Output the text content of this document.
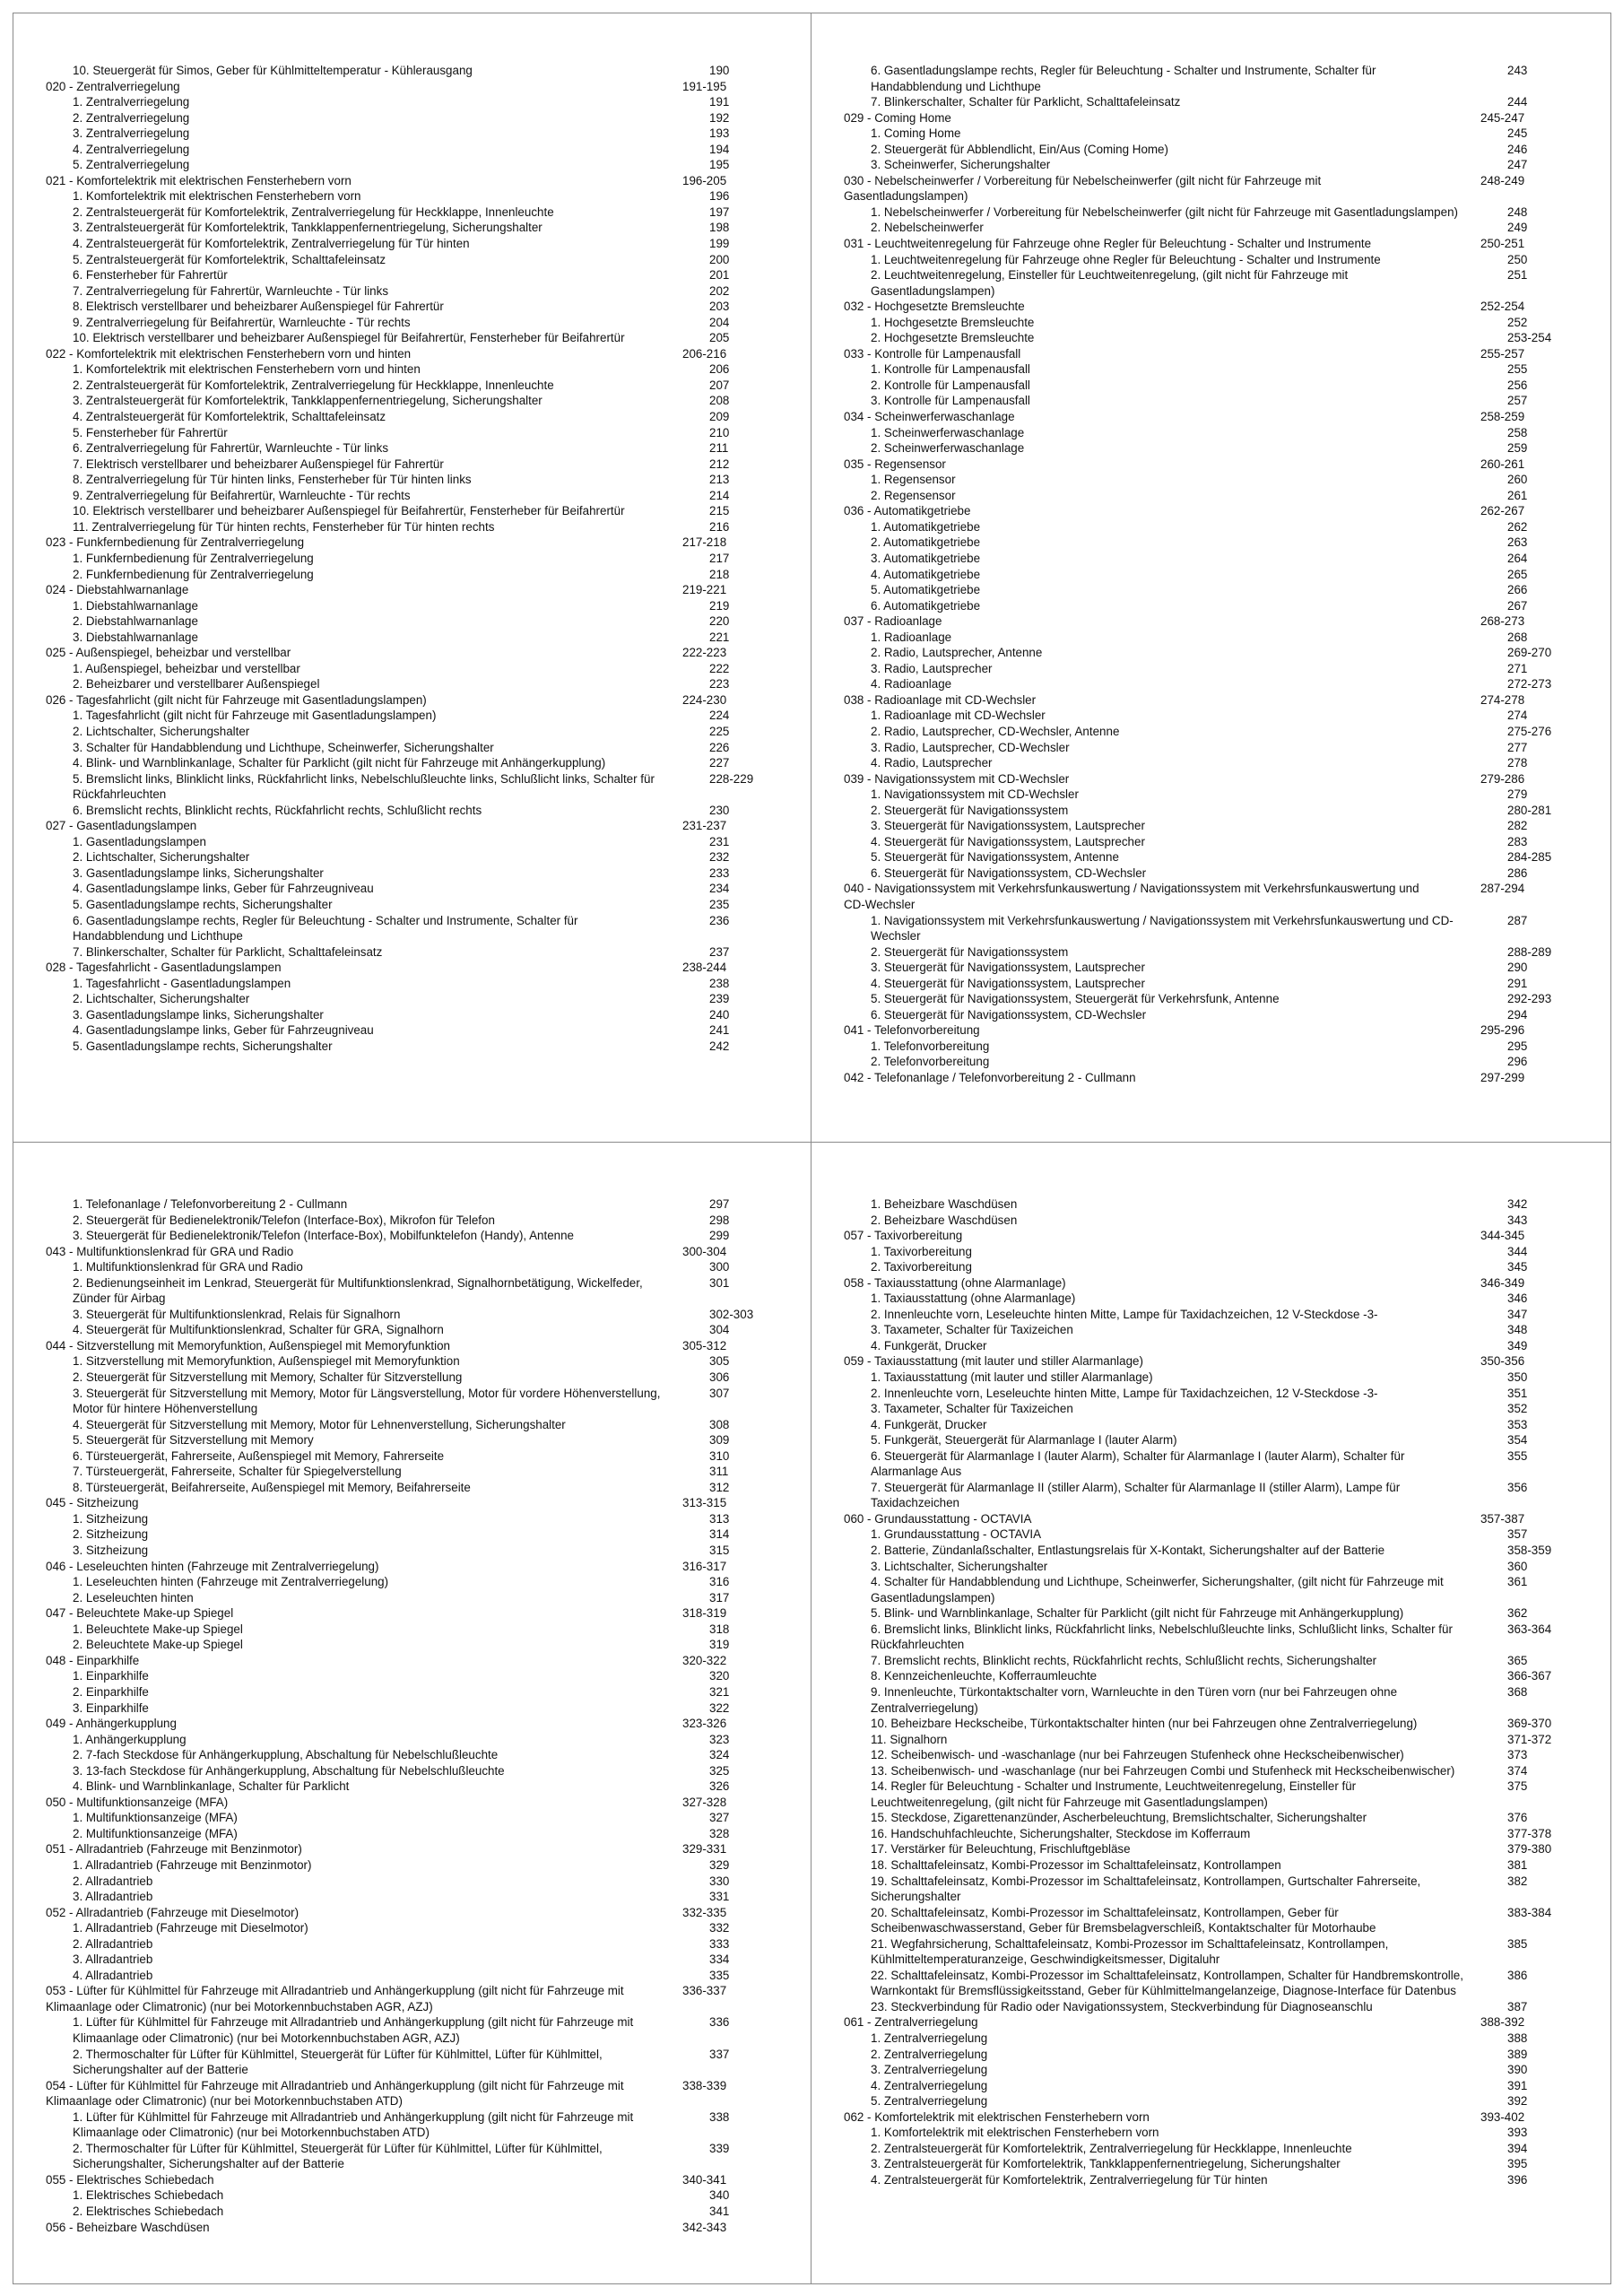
10. Steuergerät für Simos, Geber für Kühlmitteltemperatur - Kühlerausgang	190
020 - Zentralverriegelung	191-195
1. Zentralverriegelung	191
2. Zentralverriegelung	192
3. Zentralverriegelung	193
4. Zentralverriegelung	194
5. Zentralverriegelung	195
021 - Komfortelektrik mit elektrischen Fensterhebern vorn	196-205
1. Komfortelektrik mit elektrischen Fensterhebern vorn	196
2. Zentralsteuergerät für Komfortelektrik, Zentralverriegelung für Heckklappe, Innenleuchte	197
3. Zentralsteuergerät für Komfortelektrik, Tankklappenfernentriegelung, Sicherungshalter	198
4. Zentralsteuergerät für Komfortelektrik, Zentralverriegelung für Tür hinten	199
5. Zentralsteuergerät für Komfortelektrik, Schalttafeleinsatz	200
6. Fensterheber für Fahrertür	201
7. Zentralverriegelung für Fahrertür, Warnleuchte - Tür links	202
8. Elektrisch verstellbarer und beheizbarer Außenspiegel für Fahrertür	203
9. Zentralverriegelung für Beifahrertür, Warnleuchte - Tür rechts	204
10. Elektrisch verstellbarer und beheizbarer Außenspiegel für Beifahrertür, Fensterheber für Beifahrertür	205
022 - Komfortelektrik mit elektrischen Fensterhebern vorn und hinten	206-216
1. Komfortelektrik mit elektrischen Fensterhebern vorn und hinten	206
2. Zentralsteuergerät für Komfortelektrik, Zentralverriegelung für Heckklappe, Innenleuchte	207
3. Zentralsteuergerät für Komfortelektrik, Tankklappenfernentriegelung, Sicherungshalter	208
4. Zentralsteuergerät für Komfortelektrik, Schalttafeleinsatz	209
5. Fensterheber für Fahrertür	210
6. Zentralverriegelung für Fahrertür, Warnleuchte - Tür links	211
7. Elektrisch verstellbarer und beheizbarer Außenspiegel für Fahrertür	212
8. Zentralverriegelung für Tür hinten links, Fensterheber für Tür hinten links	213
9. Zentralverriegelung für Beifahrertür, Warnleuchte - Tür rechts	214
10. Elektrisch verstellbarer und beheizbarer Außenspiegel für Beifahrertür, Fensterheber für Beifahrertür	215
11. Zentralverriegelung für Tür hinten rechts, Fensterheber für Tür hinten rechts	216
023 - Funkfernbedienung für Zentralverriegelung	217-218
1. Funkfernbedienung für Zentralverriegelung	217
2. Funkfernbedienung für Zentralverriegelung	218
024 - Diebstahlwarnanlage	219-221
1. Diebstahlwarnanlage	219
2. Diebstahlwarnanlage	220
3. Diebstahlwarnanlage	221
025 - Außenspiegel, beheizbar und verstellbar	222-223
1. Außenspiegel, beheizbar und verstellbar	222
2. Beheizbarer und verstellbarer Außenspiegel	223
026 - Tagesfahrlicht (gilt nicht für Fahrzeuge mit Gasentladungslampen)	224-230
1. Tagesfahrlicht (gilt nicht für Fahrzeuge mit Gasentladungslampen)	224
2. Lichtschalter, Sicherungshalter	225
3. Schalter für Handabblendung und Lichthupe, Scheinwerfer, Sicherungshalter	226
4. Blink- und Warnblinkanlage, Schalter für Parklicht (gilt nicht für Fahrzeuge mit Anhängerkupplung)	227
5. Bremslicht links, Blinklicht links, Rückfahrlicht links, Nebelschlußleuchte links, Schlußlicht links, Schalter für Rückfahrleuchten
228-229
6. Bremslicht rechts, Blinklicht rechts, Rückfahrlicht rechts, Schlußlicht rechts	230
027 - Gasentladungslampen	231-237
1. Gasentladungslampen	231
2. Lichtschalter, Sicherungshalter	232
3. Gasentladungslampe links, Sicherungshalter	233
4. Gasentladungslampe links, Geber für Fahrzeugniveau	234
5. Gasentladungslampe rechts, Sicherungshalter	235
6. Gasentladungslampe rechts, Regler für Beleuchtung - Schalter und Instrumente, Schalter für Handabblendung und Lichthupe
236
7. Blinkerschalter, Schalter für Parklicht, Schalttafeleinsatz	237
028 - Tagesfahrlicht - Gasentladungslampen	238-244
1. Tagesfahrlicht - Gasentladungslampen	238
2. Lichtschalter, Sicherungshalter	239
3. Gasentladungslampe links, Sicherungshalter	240
4. Gasentladungslampe links, Geber für Fahrzeugniveau	241
5. Gasentladungslampe rechts, Sicherungshalter	242
6. Gasentladungslampe rechts, Regler für Beleuchtung - Schalter und Instrumente, Schalter für Handabblendung und Lichthupe
243
7. Blinkerschalter, Schalter für Parklicht, Schalttafeleinsatz	244
029 - Coming Home	245-247
1. Coming Home	245
2. Steuergerät für Abblendlicht, Ein/Aus (Coming Home)	246
3. Scheinwerfer, Sicherungshalter	247
030 - Nebelscheinwerfer / Vorbereitung für Nebelscheinwerfer (gilt nicht für Fahrzeuge mit Gasentladungslampen)
248-249
1. Nebelscheinwerfer / Vorbereitung für Nebelscheinwerfer (gilt nicht für Fahrzeuge mit Gasentladungslampen)	248
2. Nebelscheinwerfer	249
031 - Leuchtweitenregelung für Fahrzeuge ohne Regler für Beleuchtung - Schalter und Instrumente	250-251
1. Leuchtweitenregelung für Fahrzeuge ohne Regler für Beleuchtung - Schalter und Instrumente	250
2. Leuchtweitenregelung, Einsteller für Leuchtweitenregelung, (gilt nicht für Fahrzeuge mit Gasentladungslampen)
251
032 - Hochgesetzte Bremsleuchte	252-254
1. Hochgesetzte Bremsleuchte	252
2. Hochgesetzte Bremsleuchte	253-254
033 - Kontrolle für Lampenausfall	255-257
1. Kontrolle für Lampenausfall	255
2. Kontrolle für Lampenausfall	256
3. Kontrolle für Lampenausfall	257
034 - Scheinwerferwaschanlage	258-259
1. Scheinwerferwaschanlage	258
2. Scheinwerferwaschanlage	259
035 - Regensensor	260-261
1. Regensensor	260
2. Regensensor	261
036 - Automatikgetriebe	262-267
1. Automatikgetriebe	262
2. Automatikgetriebe	263
3. Automatikgetriebe	264
4. Automatikgetriebe	265
5. Automatikgetriebe	266
6. Automatikgetriebe	267
037 - Radioanlage	268-273
1. Radioanlage	268
2. Radio, Lautsprecher, Antenne	269-270
3. Radio, Lautsprecher	271
4. Radioanlage	272-273
038 - Radioanlage mit CD-Wechsler	274-278
1. Radioanlage mit CD-Wechsler	274
2. Radio, Lautsprecher, CD-Wechsler, Antenne	275-276
3. Radio, Lautsprecher, CD-Wechsler	277
4. Radio, Lautsprecher	278
039 - Navigationssystem mit CD-Wechsler	279-286
1. Navigationssystem mit CD-Wechsler	279
2. Steuergerät für Navigationssystem	280-281
3. Steuergerät für Navigationssystem, Lautsprecher	282
4. Steuergerät für Navigationssystem, Lautsprecher	283
5. Steuergerät für Navigationssystem, Antenne	284-285
6. Steuergerät für Navigationssystem, CD-Wechsler	286
040 - Navigationssystem mit Verkehrsfunkauswertung / Navigationssystem mit Verkehrsfunkauswertung und CD-Wechsler
287-294
1. Navigationssystem mit Verkehrsfunkauswertung / Navigationssystem mit Verkehrsfunkauswertung und CD-Wechsler
287
2. Steuergerät für Navigationssystem	288-289
3. Steuergerät für Navigationssystem, Lautsprecher	290
4. Steuergerät für Navigationssystem, Lautsprecher	291
5. Steuergerät für Navigationssystem, Steuergerät für Verkehrsfunk, Antenne	292-293
6. Steuergerät für Navigationssystem, CD-Wechsler	294
041 - Telefonvorbereitung	295-296
1. Telefonvorbereitung	295
2. Telefonvorbereitung	296
042 - Telefonanlage / Telefonvorbereitung 2 - Cullmann	297-299
1. Telefonanlage / Telefonvorbereitung 2 - Cullmann	297
2. Steuergerät für Bedienelektronik/Telefon (Interface-Box), Mikrofon für Telefon	298
3. Steuergerät für Bedienelektronik/Telefon (Interface-Box), Mobilfunktelefon (Handy), Antenne	299
043 - Multifunktionslenkrad für GRA und Radio	300-304
1. Multifunktionslenkrad für GRA und Radio	300
2. Bedienungseinheit im Lenkrad, Steuergerät für Multifunktionslenkrad, Signalhornbetätigung, Wickelfeder, Zünder für Airbag
301
3. Steuergerät für Multifunktionslenkrad, Relais für Signalhorn	302-303
4. Steuergerät für Multifunktionslenkrad, Schalter für GRA, Signalhorn	304
044 - Sitzverstellung mit Memoryfunktion, Außenspiegel mit Memoryfunktion	305-312
1. Sitzverstellung mit Memoryfunktion, Außenspiegel mit Memoryfunktion	305
2. Steuergerät für Sitzverstellung mit Memory, Schalter für Sitzverstellung	306
3. Steuergerät für Sitzverstellung mit Memory, Motor für Längsverstellung, Motor für vordere Höhenverstellung, Motor für hintere Höhenverstellung
307
4. Steuergerät für Sitzverstellung mit Memory, Motor für Lehnenverstellung, Sicherungshalter	308
5. Steuergerät für Sitzverstellung mit Memory	309
6. Türsteuergerät, Fahrerseite, Außenspiegel mit Memory, Fahrerseite	310
7. Türsteuergerät, Fahrerseite, Schalter für Spiegelverstellung	311
8. Türsteuergerät, Beifahrerseite, Außenspiegel mit Memory, Beifahrerseite	312
045 - Sitzheizung	313-315
1. Sitzheizung	313
2. Sitzheizung	314
3. Sitzheizung	315
046 - Leseleuchten hinten (Fahrzeuge mit Zentralverriegelung)	316-317
1. Leseleuchten hinten (Fahrzeuge mit Zentralverriegelung)	316
2. Leseleuchten hinten	317
047 - Beleuchtete Make-up Spiegel	318-319
1. Beleuchtete Make-up Spiegel	318
2. Beleuchtete Make-up Spiegel	319
048 - Einparkhilfe	320-322
1. Einparkhilfe	320
2. Einparkhilfe	321
3. Einparkhilfe	322
049 - Anhängerkupplung	323-326
1. Anhängerkupplung	323
2. 7-fach Steckdose für Anhängerkupplung, Abschaltung für Nebelschlußleuchte	324
3. 13-fach Steckdose für Anhängerkupplung, Abschaltung für Nebelschlußleuchte	325
4. Blink- und Warnblinkanlage, Schalter für Parklicht	326
050 - Multifunktionsanzeige (MFA)	327-328
1. Multifunktionsanzeige (MFA)	327
2. Multifunktionsanzeige (MFA)	328
051 - Allradantrieb (Fahrzeuge mit Benzinmotor)	329-331
1. Allradantrieb (Fahrzeuge mit Benzinmotor)	329
2. Allradantrieb	330
3. Allradantrieb	331
052 - Allradantrieb (Fahrzeuge mit Dieselmotor)	332-335
1. Allradantrieb (Fahrzeuge mit Dieselmotor)	332
2. Allradantrieb	333
3. Allradantrieb	334
4. Allradantrieb	335
053 - Lüfter für Kühlmittel für Fahrzeuge mit Allradantrieb und Anhängerkupplung (gilt nicht für Fahrzeuge mit Klimaanlage oder Climatronic) (nur bei Motorkennbuchstaben AGR, AZJ)
336-337
1. Lüfter für Kühlmittel für Fahrzeuge mit Allradantrieb und Anhängerkupplung (gilt nicht für Fahrzeuge mit Klimaanlage oder Climatronic) (nur bei Motorkennbuchstaben AGR, AZJ)
336
2. Thermoschalter für Lüfter für Kühlmittel, Steuergerät für Lüfter für Kühlmittel, Lüfter für Kühlmittel, Sicherungshalter auf der Batterie
337
054 - Lüfter für Kühlmittel für Fahrzeuge mit Allradantrieb und Anhängerkupplung (gilt nicht für Fahrzeuge mit Klimaanlage oder Climatronic) (nur bei Motorkennbuchstaben ATD)
338-339
1. Lüfter für Kühlmittel für Fahrzeuge mit Allradantrieb und Anhängerkupplung (gilt nicht für Fahrzeuge mit Klimaanlage oder Climatronic) (nur bei Motorkennbuchstaben ATD)
338
2. Thermoschalter für Lüfter für Kühlmittel, Steuergerät für Lüfter für Kühlmittel, Lüfter für Kühlmittel, Sicherungshalter, Sicherungshalter auf der Batterie
339
055 - Elektrisches Schiebedach	340-341
1. Elektrisches Schiebedach	340
2. Elektrisches Schiebedach	341
056 - Beheizbare Waschdüsen	342-343
1. Beheizbare Waschdüsen	342
2. Beheizbare Waschdüsen	343
057 - Taxivorbereitung	344-345
1. Taxivorbereitung	344
2. Taxivorbereitung	345
058 - Taxiausstattung (ohne Alarmanlage)	346-349
1. Taxiausstattung (ohne Alarmanlage)	346
2. Innenleuchte vorn, Leseleuchte hinten Mitte, Lampe für Taxidachzeichen, 12 V-Steckdose -3-	347
3. Taxameter, Schalter für Taxizeichen	348
4. Funkgerät, Drucker	349
059 - Taxiausstattung (mit lauter und stiller Alarmanlage)	350-356
1. Taxiausstattung (mit lauter und stiller Alarmanlage)	350
2. Innenleuchte vorn, Leseleuchte hinten Mitte, Lampe für Taxidachzeichen, 12 V-Steckdose -3-	351
3. Taxameter, Schalter für Taxizeichen	352
4. Funkgerät, Drucker	353
5. Funkgerät, Steuergerät für Alarmanlage I (lauter Alarm)	354
6. Steuergerät für Alarmanlage I (lauter Alarm), Schalter für Alarmanlage I (lauter Alarm), Schalter für Alarmanlage Aus
355
7. Steuergerät für Alarmanlage II (stiller Alarm), Schalter für Alarmanlage II (stiller Alarm), Lampe für Taxidachzeichen
356
060 - Grundausstattung - OCTAVIA	357-387
1. Grundausstattung - OCTAVIA	357
2. Batterie, Zündanlaßschalter, Entlastungsrelais für X-Kontakt, Sicherungshalter auf der Batterie	358-359
3. Lichtschalter, Sicherungshalter	360
4. Schalter für Handabblendung und Lichthupe, Scheinwerfer, Sicherungshalter, (gilt nicht für Fahrzeuge mit Gasentladungslampen)
361
5. Blink- und Warnblinkanlage, Schalter für Parklicht (gilt nicht für Fahrzeuge mit Anhängerkupplung)	362
6. Bremslicht links, Blinklicht links, Rückfahrlicht links, Nebelschlußleuchte links, Schlußlicht links, Schalter für Rückfahrleuchten
363-364
7. Bremslicht rechts, Blinklicht rechts, Rückfahrlicht rechts, Schlußlicht rechts, Sicherungshalter	365
8. Kennzeichenleuchte, Kofferraumleuchte	366-367
9. Innenleuchte, Türkontaktschalter vorn, Warnleuchte in den Türen vorn (nur bei Fahrzeugen ohne Zentralverriegelung)
368
10. Beheizbare Heckscheibe, Türkontaktschalter hinten (nur bei Fahrzeugen ohne Zentralverriegelung)	369-370
11. Signalhorn	371-372
12. Scheibenwisch- und -waschanlage (nur bei Fahrzeugen Stufenheck ohne Heckscheibenwischer)	373
13. Scheibenwisch- und -waschanlage (nur bei Fahrzeugen Combi und Stufenheck mit Heckscheibenwischer)	374
14. Regler für Beleuchtung - Schalter und Instrumente, Leuchtweitenregelung, Einsteller für Leuchtweitenregelung, (gilt nicht für Fahrzeuge mit Gasentladungslampen)
375
15. Steckdose, Zigarettenanzünder, Ascherbeleuchtung, Bremslichtschalter, Sicherungshalter	376
16. Handschuhfachleuchte, Sicherungshalter, Steckdose im Kofferraum	377-378
17. Verstärker für Beleuchtung, Frischluftgebläse	379-380
18. Schalttafeleinsatz, Kombi-Prozessor im Schalttafeleinsatz, Kontrollampen	381
19. Schalttafeleinsatz, Kombi-Prozessor im Schalttafeleinsatz, Kontrollampen, Gurtschalter Fahrerseite, Sicherungshalter
382
20. Schalttafeleinsatz, Kombi-Prozessor im Schalttafeleinsatz, Kontrollampen, Geber für Scheibenwaschwasserstand, Geber für Bremsbelagverschleiß, Kontaktschalter für Motorhaube
383-384
21. Wegfahrsicherung, Schalttafeleinsatz, Kombi-Prozessor im Schalttafeleinsatz, Kontrollampen, Kühlmitteltemperaturanzeige, Geschwindigkeitsmesser, Digitaluhr
385
22. Schalttafeleinsatz, Kombi-Prozessor im Schalttafeleinsatz, Kontrollampen, Schalter für Handbremskontrolle, Warnkontakt für Bremsflüssigkeitsstand, Geber für Kühlmittelmangelanzeige, Diagnose-Interface für Datenbus
386
23. Steckverbindung für Radio oder Navigationssystem, Steckverbindung für Diagnoseanschlu	387
061 - Zentralverriegelung	388-392
1. Zentralverriegelung	388
2. Zentralverriegelung	389
3. Zentralverriegelung	390
4. Zentralverriegelung	391
5. Zentralverriegelung	392
062 - Komfortelektrik mit elektrischen Fensterhebern vorn	393-402
1. Komfortelektrik mit elektrischen Fensterhebern vorn	393
2. Zentralsteuergerät für Komfortelektrik, Zentralverriegelung für Heckklappe, Innenleuchte	394
3. Zentralsteuergerät für Komfortelektrik, Tankklappenfernentriegelung, Sicherungshalter	395
4. Zentralsteuergerät für Komfortelektrik, Zentralverriegelung für Tür hinten	396
